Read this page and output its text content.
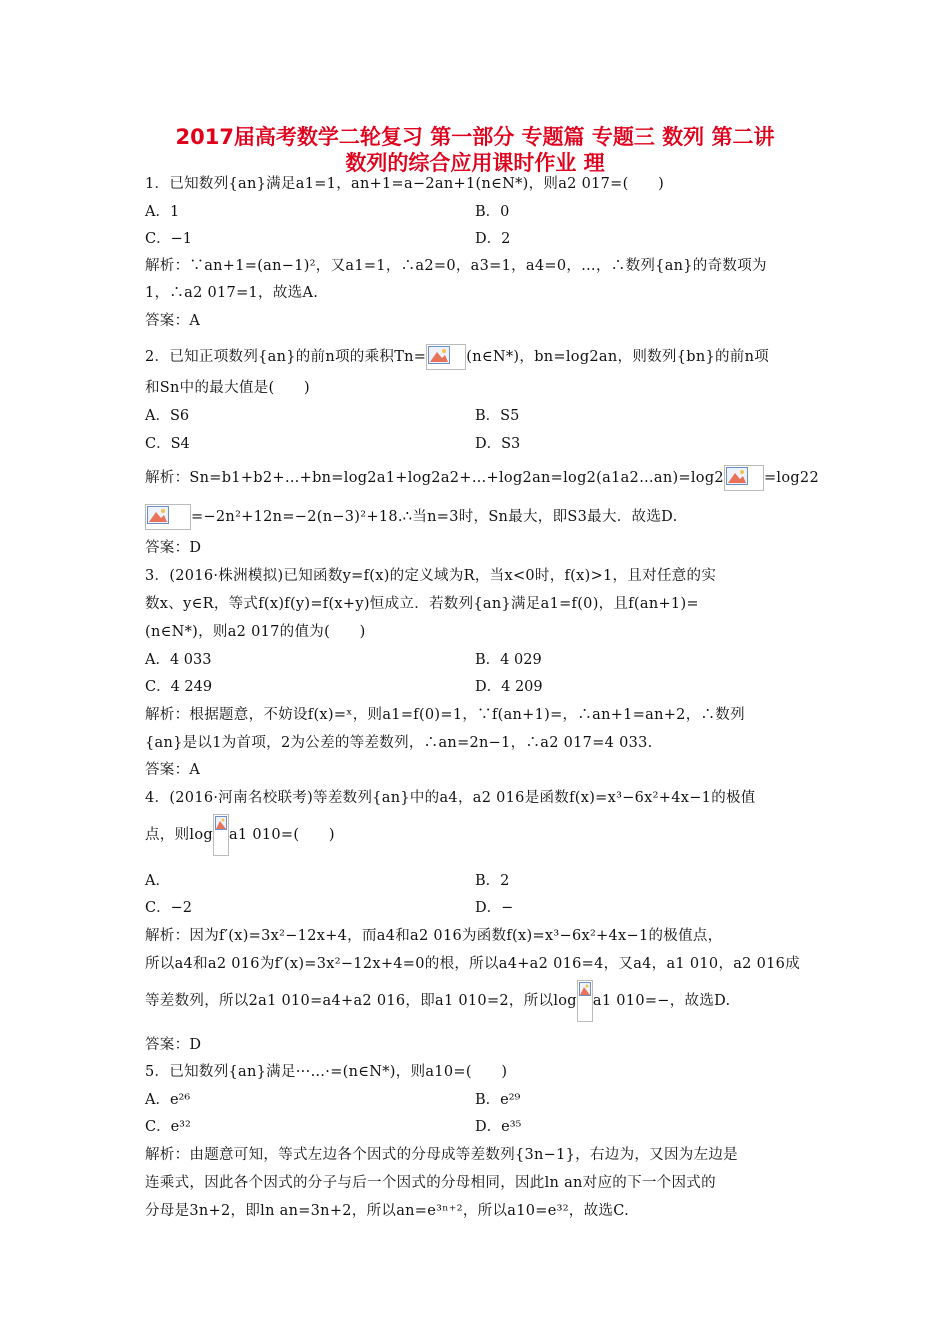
2017届高考数学二轮复习 第一部分 专题篇 专题三 数列 第二讲
数列的综合应用课时作业 理
1．已知数列{an}满足a1=1，an+1=a−2an+1(n∈N*)，则a2 017=(　　)
A．1	B．0
C．−1	D．2
解析：∵an+1=(an−1)²，又a1=1，∴a2=0，a3=1，a4=0，…，∴数列{an}的奇数项为
1，∴a2 017=1，故选A.
答案：A
2．已知正项数列{an}的前n项的乘积Tn=	(n∈N*)，bn=log2an，则数列{bn}的前n项
和Sn中的最大值是(　　)
A．S6	B．S5
C．S4	D．S3
解析：Sn=b1+b2+…+bn=log2a1+log2a2+…+log2an=log2(a1a2…an)=log2	=log22
=−2n²+12n=−2(n−3)²+18.∴当n=3时，Sn最大，即S3最大．故选D.
答案：D
3．(2016·株洲模拟)已知函数y=f(x)的定义域为R，当x<0时，f(x)>1，且对任意的实
数x、y∈R，等式f(x)f(y)=f(x+y)恒成立．若数列{an}满足a1=f(0)，且f(an+1)=
(n∈N*)，则a2 017的值为(　　)
A．4 033	B．4 029
C．4 249	D．4 209
解析：根据题意，不妨设f(x)=ˣ，则a1=f(0)=1，∵f(an+1)=，∴an+1=an+2，∴数列
{an}是以1为首项，2为公差的等差数列，∴an=2n−1，∴a2 017=4 033.
答案：A
4．(2016·河南名校联考)等差数列{an}中的a4，a2 016是函数f(x)=x³−6x²+4x−1的极值
点，则log a1 010=(　　)
A．	B．2
C．−2	D．−
解析：因为f′(x)=3x²−12x+4，而a4和a2 016为函数f(x)=x³−6x²+4x−1的极值点，
所以a4和a2 016为f′(x)=3x²−12x+4=0的根，所以a4+a2 016=4，又a4，a1 010，a2 016成
等差数列，所以2a1 010=a4+a2 016，即a1 010=2，所以log a1 010=−，故选D.
答案：D
5．已知数列{an}满足···…·=(n∈N*)，则a10=(　　)
A．e²⁶	B．e²⁹
C．e³²	D．e³⁵
解析：由题意可知，等式左边各个因式的分母成等差数列{3n−1}，右边为，又因为左边是
连乘式，因此各个因式的分子与后一个因式的分母相同，因此ln an对应的下一个因式的
分母是3n+2，即ln an=3n+2，所以an=e³ⁿ⁺²，所以a10=e³²，故选C.
